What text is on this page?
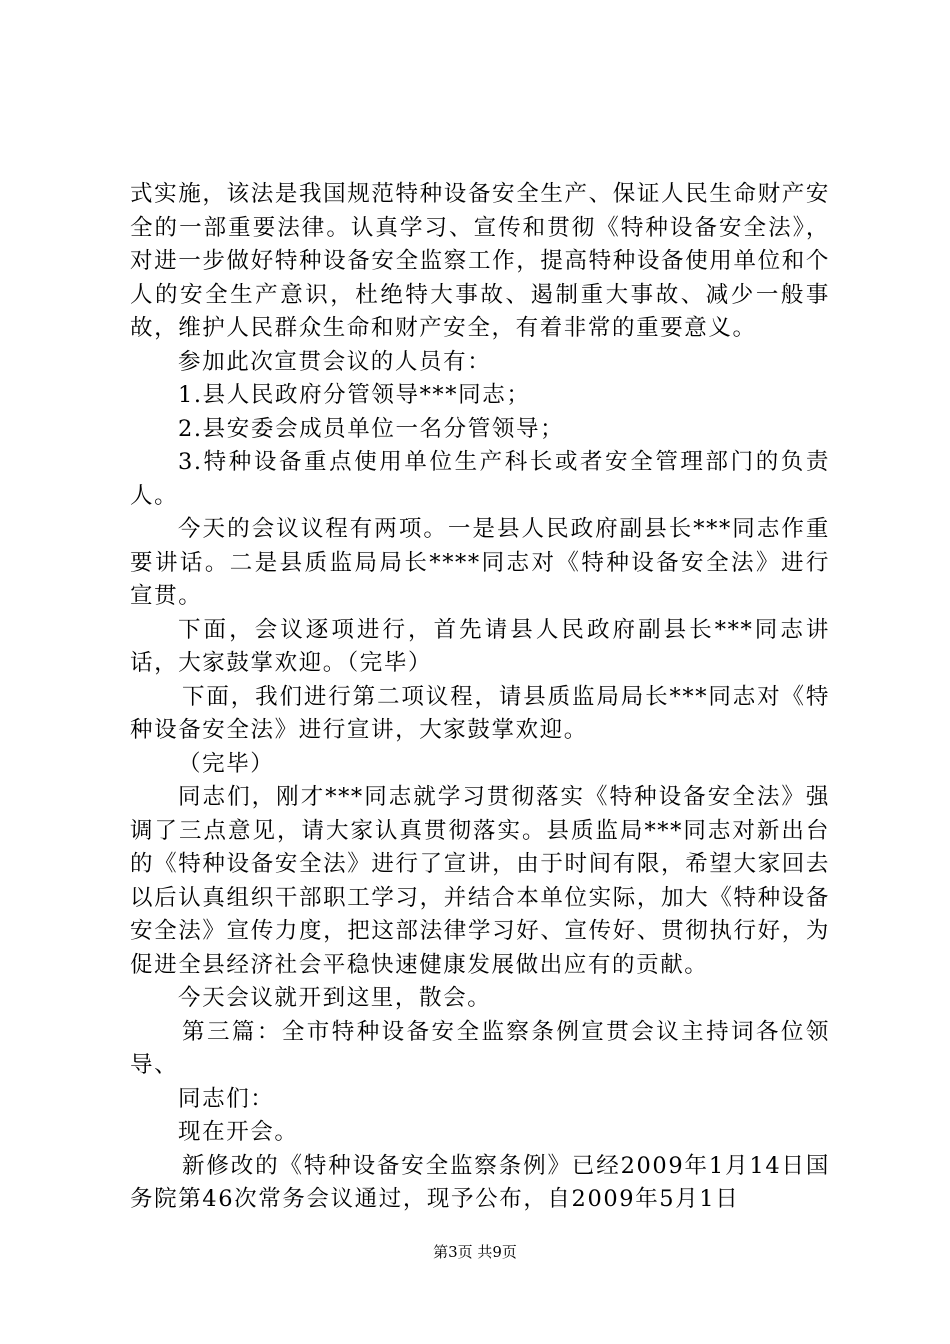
式实施，该法是我国规范特种设备安全生产、保证人民生命财产安全的一部重要法律。认真学习、宣传和贯彻《特种设备安全法》，对进一步做好特种设备安全监察工作，提高特种设备使用单位和个人的安全生产意识，杜绝特大事故、遏制重大事故、减少一般事故，维护人民群众生命和财产安全，有着非常的重要意义。

参加此次宣贯会议的人员有：

1.县人民政府分管领导***同志；

2.县安委会成员单位一名分管领导；

3.特种设备重点使用单位生产科长或者安全管理部门的负责人。

今天的会议议程有两项。一是县人民政府副县长***同志作重要讲话。二是县质监局局长****同志对《特种设备安全法》进行宣贯。

下面，会议逐项进行，首先请县人民政府副县长***同志讲话，大家鼓掌欢迎。（完毕）

下面，我们进行第二项议程，请县质监局局长***同志对《特种设备安全法》进行宣讲，大家鼓掌欢迎。

（完毕）

同志们，刚才***同志就学习贯彻落实《特种设备安全法》强调了三点意见，请大家认真贯彻落实。县质监局***同志对新出台的《特种设备安全法》进行了宣讲，由于时间有限，希望大家回去以后认真组织干部职工学习，并结合本单位实际，加大《特种设备安全法》宣传力度，把这部法律学习好、宣传好、贯彻执行好，为促进全县经济社会平稳快速健康发展做出应有的贡献。

今天会议就开到这里，散会。

第三篇：全市特种设备安全监察条例宣贯会议主持词各位领导、

同志们：

现在开会。

新修改的《特种设备安全监察条例》已经2009年1月14日国务院第46次常务会议通过，现予公布，自2009年5月1日

第3页 共9页
